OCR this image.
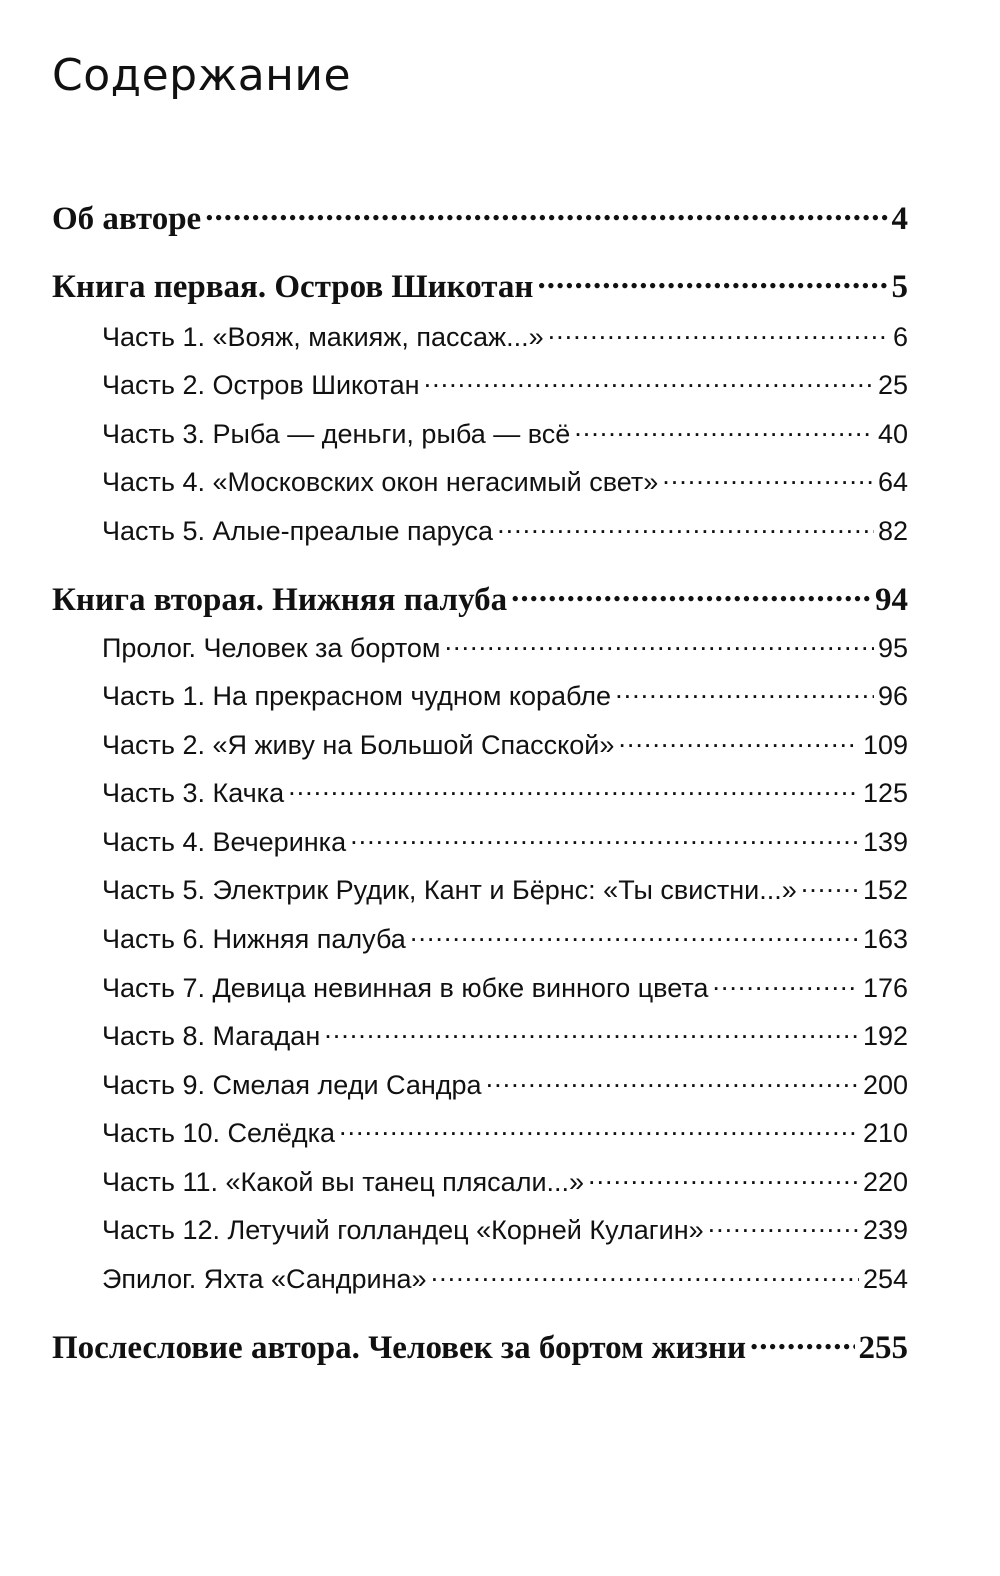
Содержание
Об авторе .....	4
Книга первая. Остров Шикотан .....	5
Часть 1. «Вояж, макияж, пассаж...» .....	6
Часть 2. Остров Шикотан .....	25
Часть 3. Рыба — деньги, рыба — всё .....	40
Часть 4. «Московских окон негасимый свет» .....	64
Часть 5. Алые-преалые паруса .....	82
Книга вторая. Нижняя палуба .....	94
Пролог. Человек за бортом .....	95
Часть 1. На прекрасном чудном корабле .....	96
Часть 2. «Я живу на Большой Спасской» .....	109
Часть 3. Качка .....	125
Часть 4. Вечеринка .....	139
Часть 5. Электрик Рудик, Кант и Бёрнс: «Ты свистни...» ..... 152
Часть 6. Нижняя палуба .....	163
Часть 7. Девица невинная в юбке винного цвета .....	176
Часть 8. Магадан .....	192
Часть 9. Смелая леди Сандра .....	200
Часть 10. Селёдка .....	210
Часть 11. «Какой вы танец плясали...» .....	220
Часть 12. Летучий голландец «Корней Кулагин» .....	239
Эпилог. Яхта «Сандрина» .....	254
Послесловие автора. Человек за бортом жизни .....	255
